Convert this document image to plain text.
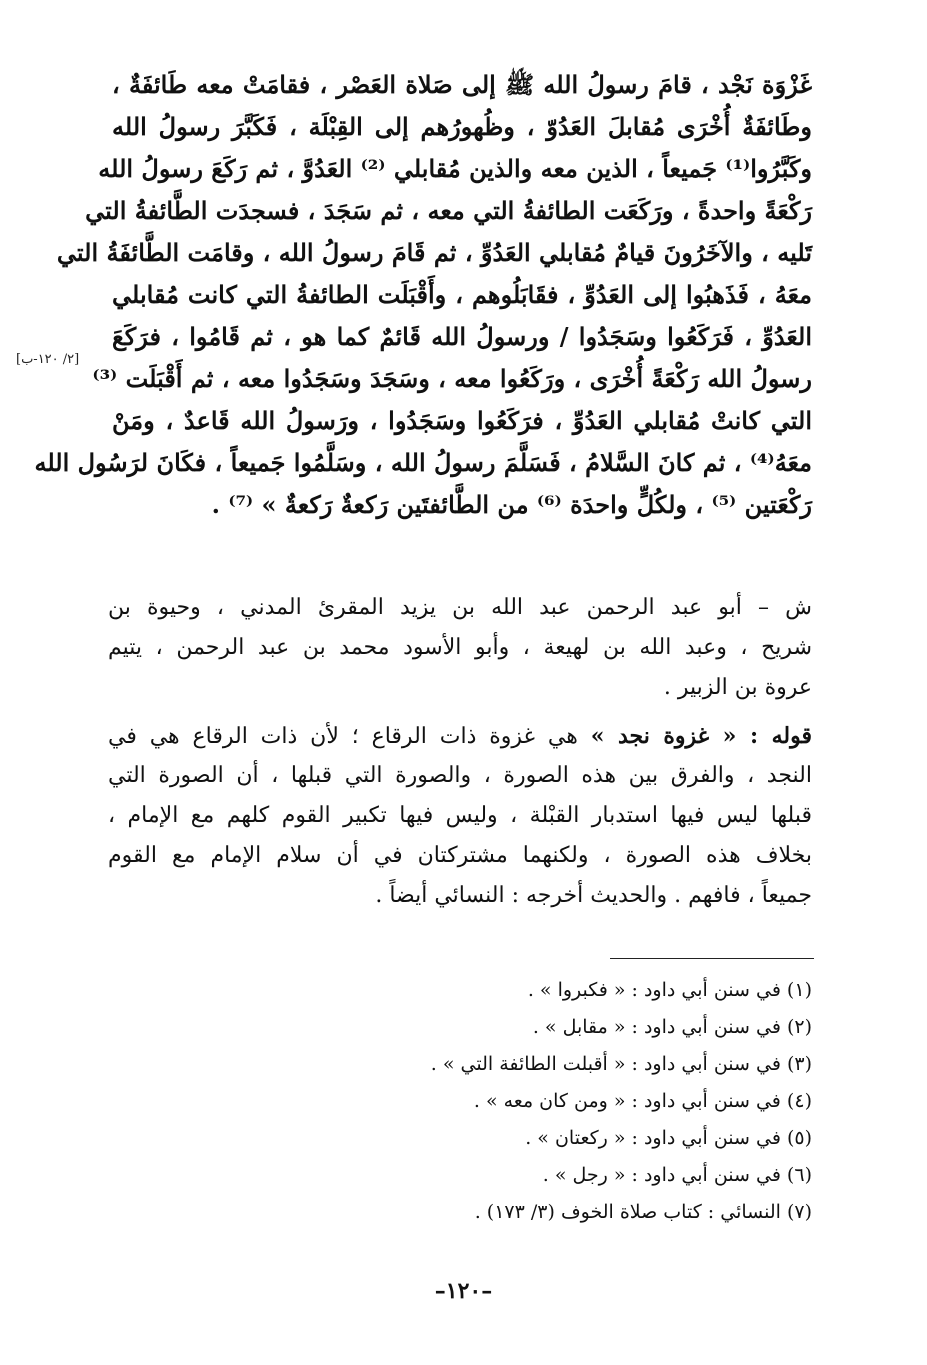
غَزْوَة نَجْد ، قامَ رسولُ الله ﷺ إلى صَلاة العَصْر ، فقامَتْ معه طَائفَةٌ ،
وطَائفَةٌ أُخْرَى مُقابلَ العَدُوّ ، وظُهورُهم إلى القِبْلَة ، فَكَبَّرَ رسولُ الله
وكَبَّرُوا⁽¹⁾ جَميعاً ، الذين معه والذين مُقابلي ⁽²⁾ العَدُوَّ ، ثم رَكَعَ رسولُ الله
رَكْعَةً واحدةً ، ورَكَعَت الطائفةُ التي معه ، ثم سَجَدَ ، فسجدَت الطَّائفةُ التي
تَليه ، والآخَرُونَ قيامٌ مُقابلي العَدُوِّ ، ثم قَامَ رسولُ الله ، وقامَت الطَّائفَةُ التي
معَهُ ، فَذَهبُوا إلى العَدُوِّ ، فقَابَلُوهم ، وأَقْبَلَت الطائفةُ التي كانت مُقابلي
العَدُوِّ ، فَرَكَعُوا وسَجَدُوا / ورسولُ الله قَائمٌ كما هو ، ثم قَامُوا ، فرَكَعَ
رسولُ الله رَكْعَةً أُخْرَى ، ورَكَعُوا معه ، وسَجَدَ وسَجَدُوا معه ، ثم أَقْبَلَت ⁽³⁾
التي كانتْ مُقابلي العَدُوِّ ، فرَكَعُوا وسَجَدُوا ، ورَسولُ الله قَاعدٌ ، ومَنْ
معَهُ⁽⁴⁾ ، ثم كانَ السَّلامُ ، فَسَلَّمَ رسولُ الله ، وسَلَّمُوا جَميعاً ، فكَانَ لرَسُول الله
رَكْعَتين ⁽⁵⁾ ، ولكُلٍّ واحدَة ⁽⁶⁾ من الطَّائفتَين رَكعةٌ رَكعةٌ » ⁽⁷⁾ .
[٢/ ١٢٠-ب]
ش – أبو عبد الرحمن عبد الله بن يزيد المقرئ المدني ، وحيوة بن
شريح ، وعبد الله بن لهيعة ، وأبو الأسود محمد بن عبد الرحمن ، يتيم
عروة بن الزبير .
قوله : « غزوة نجد » هي غزوة ذات الرقاع ؛ لأن ذات الرقاع هي في
النجد ، والفرق بين هذه الصورة ، والصورة التي قبلها ، أن الصورة التي
قبلها ليس فيها استدبار القبْلة ، وليس فيها تكبير القوم كلهم مع الإمام ،
بخلاف هذه الصورة ، ولكنهما مشتركتان في أن سلام الإمام مع القوم
جميعاً ، فافهم . والحديث أخرجه : النسائي أيضاً .
(١) في سنن أبي داود : « فكبروا » .
(٢) في سنن أبي داود : « مقابل » .
(٣) في سنن أبي داود : « أقبلت الطائفة التي » .
(٤) في سنن أبي داود : « ومن كان معه » .
(٥) في سنن أبي داود : « ركعتان » .
(٦) في سنن أبي داود : « رجل » .
(٧) النسائي : كتاب صلاة الخوف (٣/ ١٧٣) .
–١٢٠–
